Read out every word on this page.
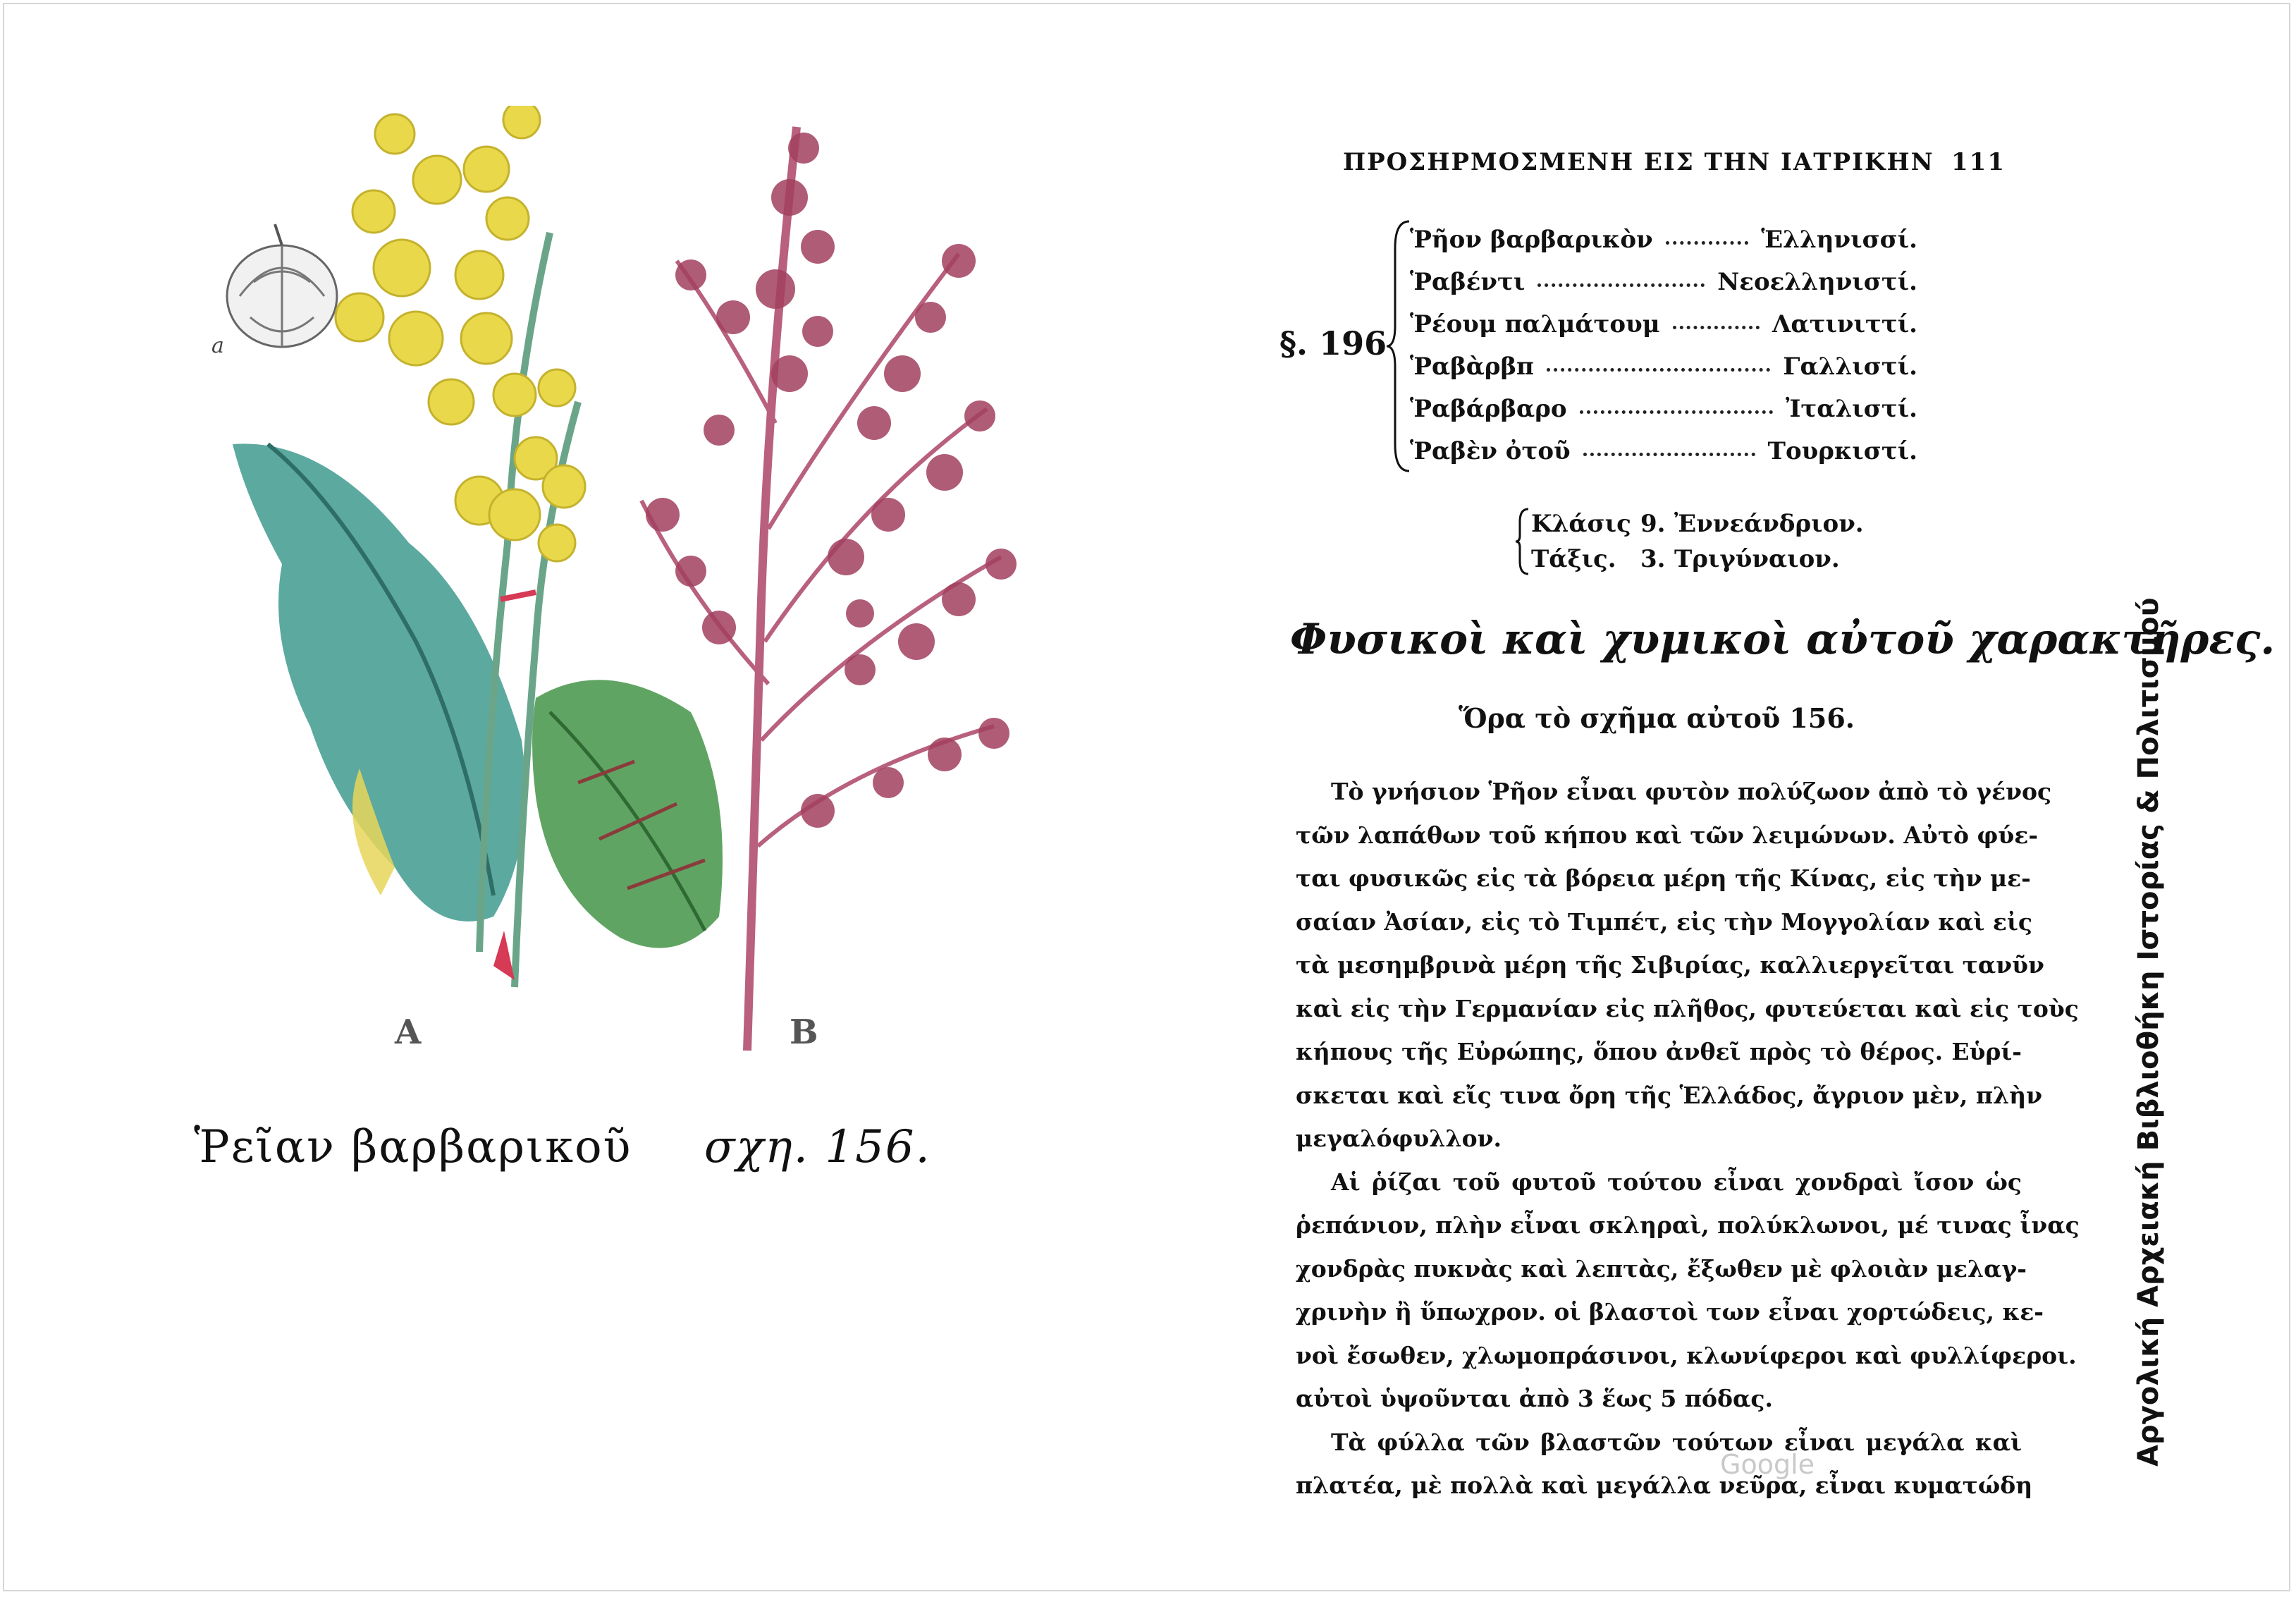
a
A	B
Ῥεῖαν βαρβαρικοῦ σχη. 156.
ΠΡΟΣΗΡΜΟΣΜΕΝΗ ΕΙΣ ΤΗΝ ΙΑΤΡΙΚΗΝ 111
§. 196
Ῥῆον βαρβαρικὸν	Ἑλληνισσί.
Ῥαβέντι	Νεοελληνιστί.
Ῥέουμ παλμάτουμ	Λατινιττί.
Ῥαβὰρβπ	Γαλλιστί.
Ῥαβάρβαρο	Ἰταλιστί.
Ῥαβὲν ὀτοῦ	Τουρκιστί.
Κλάσις 9. Ἐννεάνδριον.
Τάξις.	3. Τριγύναιον.
Φυσικοὶ καὶ χυμικοὶ αὐτοῦ χαρακτῆρες.
Ὅρα τὸ σχῆμα αὐτοῦ 156.
Τὸ γνήσιον Ῥῆον εἶναι φυτὸν πολύζωον ἀπὸ τὸ γένος
τῶν λαπάθων τοῦ κήπου καὶ τῶν λειμώνων. Αὐτὸ φύε-
ται φυσικῶς εἰς τὰ βόρεια μέρη τῆς Κίνας, εἰς τὴν με-
σαίαν Ἀσίαν, εἰς τὸ Τιμπέτ, εἰς τὴν Μογγολίαν καὶ εἰς
τὰ μεσημβρινὰ μέρη τῆς Σιβιρίας, καλλιεργεῖται τανῦν
καὶ εἰς τὴν Γερμανίαν εἰς πλῆθος, φυτεύεται καὶ εἰς τοὺς
κήπους τῆς Εὐρώπης, ὅπου ἀνθεῖ πρὸς τὸ θέρος. Εὑρί-
σκεται καὶ εἴς τινα ὄρη τῆς Ἑλλάδος, ἄγριον μὲν, πλὴν
μεγαλόφυλλον.
Αἱ ῥίζαι τοῦ φυτοῦ τούτου εἶναι χονδραὶ ἴσον ὡς
ῥεπάνιον, πλὴν εἶναι σκληραὶ, πολύκλωνοι, μέ τινας ἶνας
χονδρὰς πυκνὰς καὶ λεπτὰς, ἔξωθεν μὲ φλοιὰν μελαγ-
χρινὴν ἢ ὕπωχρον. οἱ βλαστοὶ των εἶναι χορτώδεις, κε-
νοὶ ἔσωθεν, χλωμοπράσινοι, κλωνίφεροι καὶ φυλλίφεροι.
αὐτοὶ ὑψοῦνται ἀπὸ 3 ἕως 5 πόδας.
Τὰ φύλλα τῶν βλαστῶν τούτων εἶναι μεγάλα καὶ
πλατέα, μὲ πολλὰ καὶ μεγάλλα νεῦρα, εἶναι κυματώδη
Google	Αργολική Αρχειακή Βιβλιοθήκη Ιστορίας & Πολιτισμού
